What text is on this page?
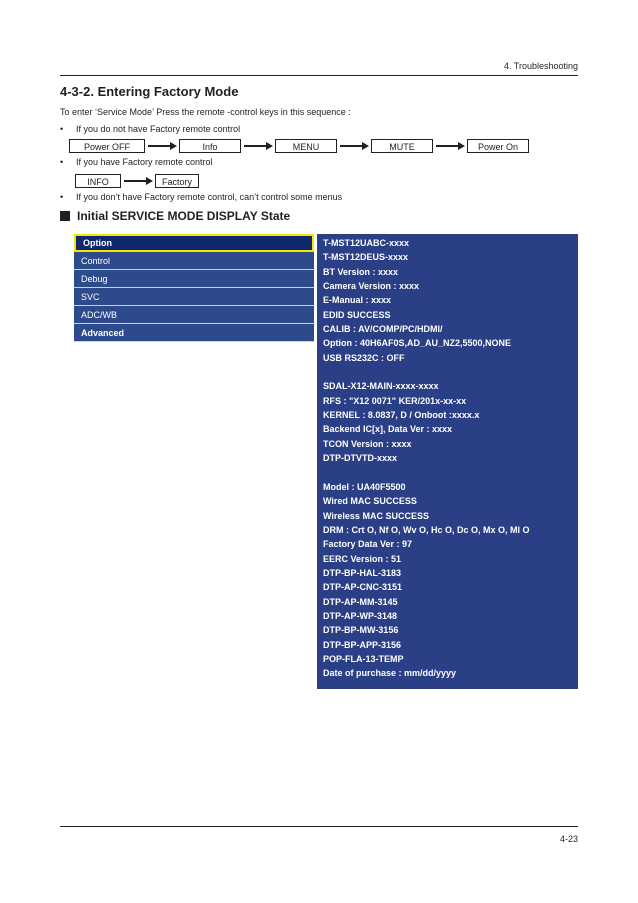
4. Troubleshooting
4-3-2. Entering Factory Mode
To enter ‘Service Mode’ Press the remote -control keys in this sequence :
• If you do not have Factory remote control
Power OFF	Info	MENU	MUTE	Power On
• If you have Factory remote control
INFO	Factory
• If you don’t have Factory remote control, can’t control some menus
Initial SERVICE MODE DISPLAY State
Option
Control
Debug
SVC
ADC/WB
Advanced
T-MST12UABC-xxxx
T-MST12DEUS-xxxx
BT Version : xxxx
Camera Version : xxxx
E-Manual : xxxx
EDID SUCCESS
CALIB : AV/COMP/PC/HDMI/
Option : 40H6AF0S,AD_AU_NZ2,5500,NONE
USB RS232C : OFF
SDAL-X12-MAIN-xxxx-xxxx
RFS : "X12 0071" KER/201x-xx-xx
KERNEL : 8.0837, D / Onboot :xxxx.x
Backend IC[x], Data Ver : xxxx
TCON Version : xxxx
DTP-DTVTD-xxxx
Model : UA40F5500
Wired MAC SUCCESS
Wireless MAC SUCCESS
DRM : Crt O, Nf O, Wv O, Hc O, Dc O, Mx O, Ml O
Factory Data Ver : 97
EERC Version : 51
DTP-BP-HAL-3183
DTP-AP-CNC-3151
DTP-AP-MM-3145
DTP-AP-WP-3148
DTP-BP-MW-3156
DTP-BP-APP-3156
POP-FLA-13-TEMP
Date of purchase : mm/dd/yyyy
4-23
